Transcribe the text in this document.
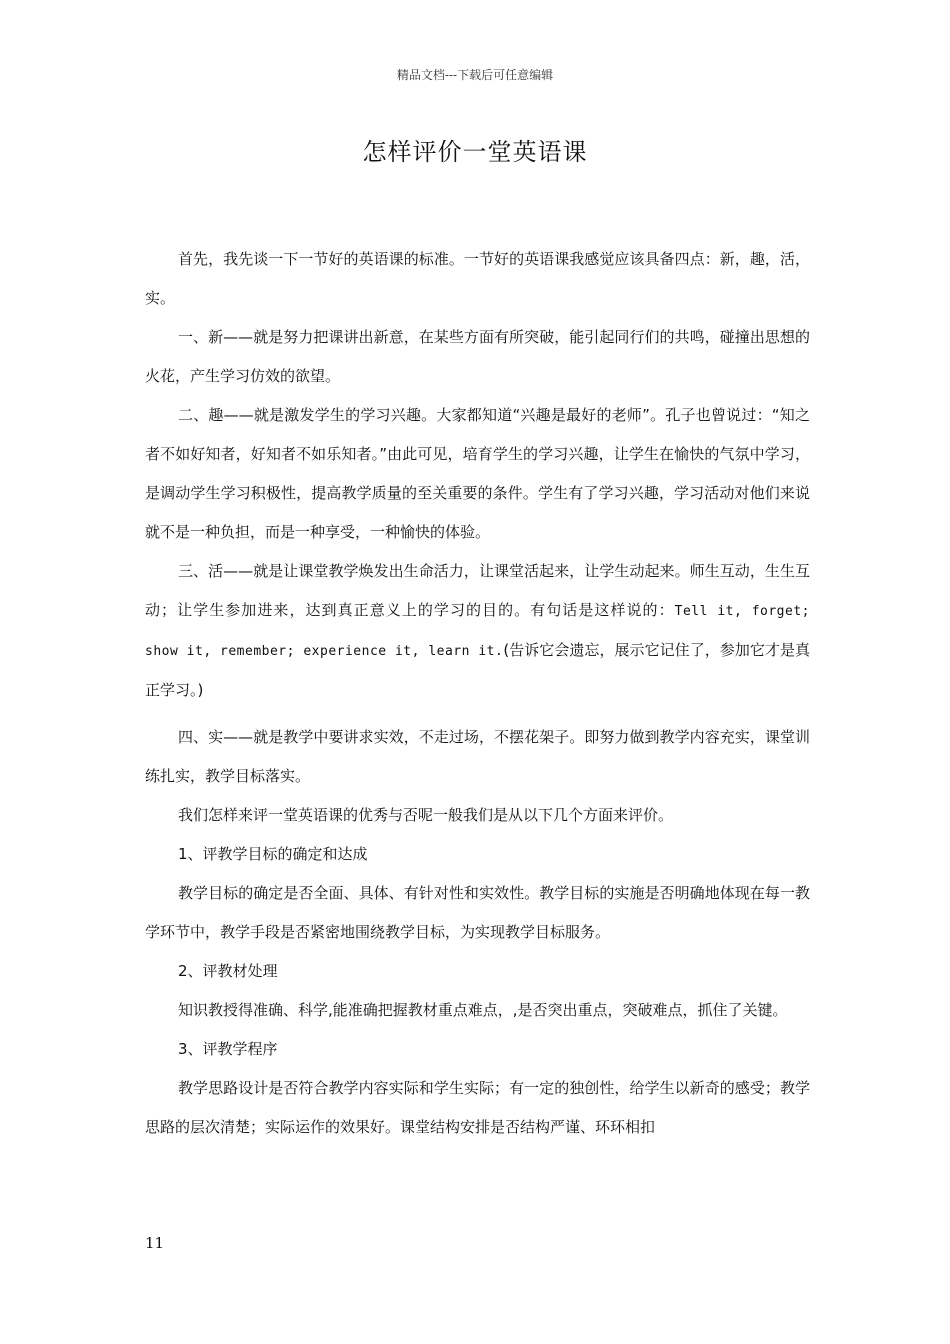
精品文档---下载后可任意编辑
怎样评价一堂英语课

首先，我先谈一下一节好的英语课的标准。一节好的英语课我感觉应该具备四点：新，趣，活，实。

一、新——就是努力把课讲出新意，在某些方面有所突破，能引起同行们的共鸣，碰撞出思想的火花，产生学习仿效的欲望。

二、趣——就是激发学生的学习兴趣。大家都知道“兴趣是最好的老师”。孔子也曾说过：“知之者不如好知者，好知者不如乐知者。”由此可见，培育学生的学习兴趣，让学生在愉快的气氛中学习，是调动学生学习积极性，提高教学质量的至关重要的条件。学生有了学习兴趣，学习活动对他们来说就不是一种负担，而是一种享受，一种愉快的体验。

三、活——就是让课堂教学焕发出生命活力，让课堂活起来，让学生动起来。师生互动，生生互动；让学生参加进来，达到真正意义上的学习的目的。有句话是这样说的：Tell it, forget; show it, remember; experience it, learn it.(告诉它会遗忘，展示它记住了，参加它才是真正学习。)

四、实——就是教学中要讲求实效，不走过场，不摆花架子。即努力做到教学内容充实，课堂训练扎实，教学目标落实。

我们怎样来评一堂英语课的优秀与否呢一般我们是从以下几个方面来评价。

1、评教学目标的确定和达成

教学目标的确定是否全面、具体、有针对性和实效性。教学目标的实施是否明确地体现在每一教学环节中，教学手段是否紧密地围绕教学目标，为实现教学目标服务。

2、评教材处理

知识教授得准确、科学,能准确把握教材重点难点，,是否突出重点，突破难点，抓住了关键。

3、评教学程序

教学思路设计是否符合教学内容实际和学生实际；有一定的独创性，给学生以新奇的感受；教学思路的层次清楚；实际运作的效果好。课堂结构安排是否结构严谨、环环相扣

11
